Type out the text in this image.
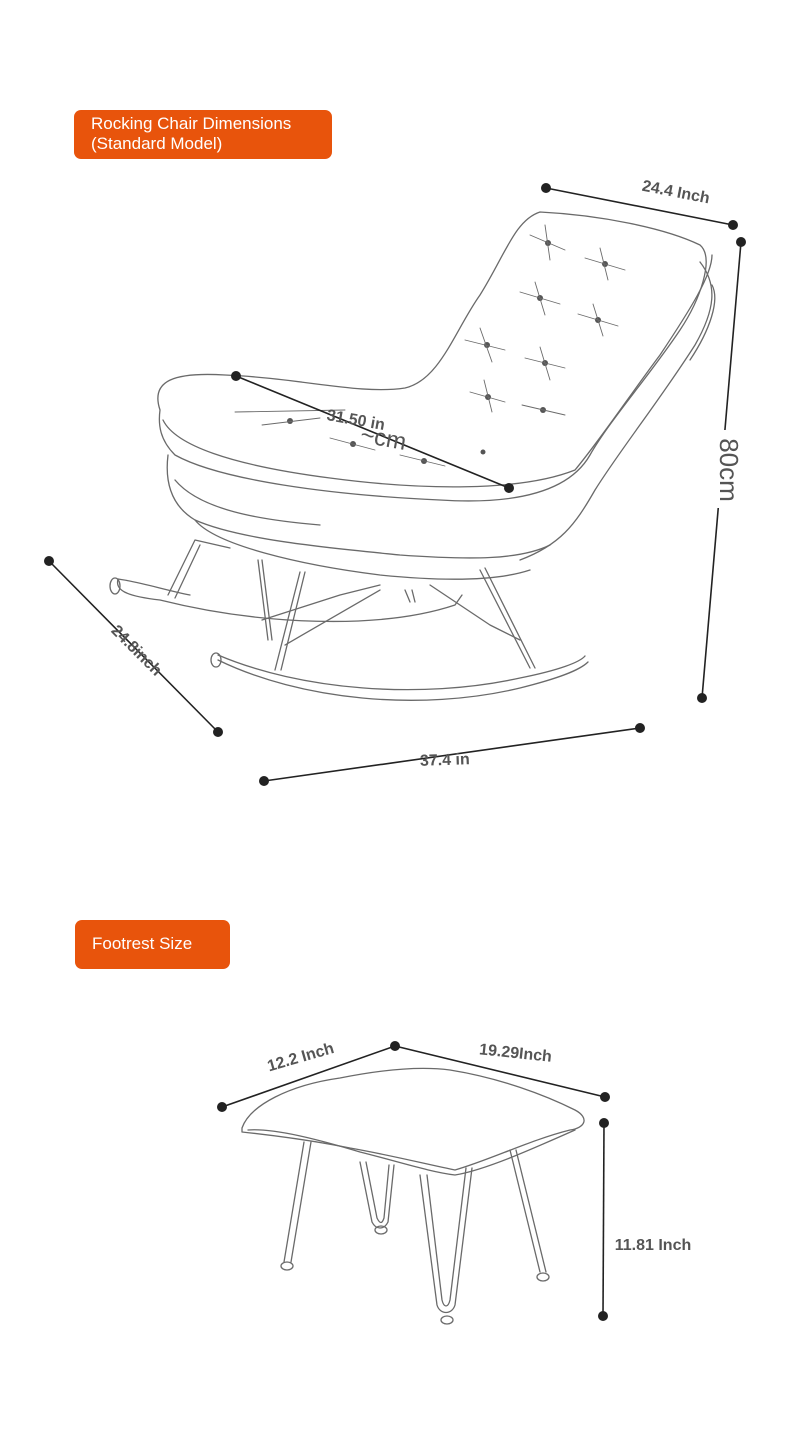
Rocking Chair Dimensions
(Standard Model)
Footrest Size
24.4 Inch
80cm
~cm
31.50 in
24.8inch
37.4 in
12.2 Inch	19.29Inch
11.81 Inch
